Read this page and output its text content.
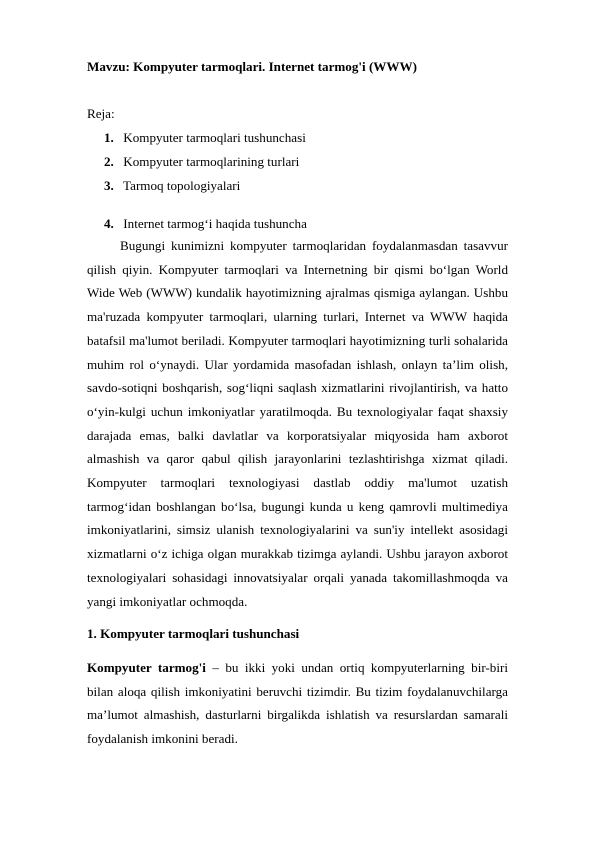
Mavzu: Kompyuter tarmoqlari. Internet tarmog'i (WWW)
Reja:
1. Kompyuter tarmoqlari tushunchasi
2. Kompyuter tarmoqlarining turlari
3. Tarmoq topologiyalari
4. Internet tarmog‘i haqida tushuncha
Bugungi kunimizni kompyuter tarmoqlaridan foydalanmasdan tasavvur qilish qiyin. Kompyuter tarmoqlari va Internetning bir qismi bo‘lgan World Wide Web (WWW) kundalik hayotimizning ajralmas qismiga aylangan. Ushbu ma'ruzada kompyuter tarmoqlari, ularning turlari, Internet va WWW haqida batafsil ma'lumot beriladi. Kompyuter tarmoqlari hayotimizning turli sohalarida muhim rol o‘ynaydi. Ular yordamida masofadan ishlash, onlayn ta’lim olish, savdo-sotiqni boshqarish, sog‘liqni saqlash xizmatlarini rivojlantirish, va hatto o‘yin-kulgi uchun imkoniyatlar yaratilmoqda. Bu texnologiyalar faqat shaxsiy darajada emas, balki davlatlar va korporatsiyalar miqyosida ham axborot almashish va qaror qabul qilish jarayonlarini tezlashtirishga xizmat qiladi. Kompyuter tarmoqlari texnologiyasi dastlab oddiy ma'lumot uzatish tarmog‘idan boshlangan bo‘lsa, bugungi kunda u keng qamrovli multimediya imkoniyatlarini, simsiz ulanish texnologiyalarini va sun'iy intellekt asosidagi xizmatlarni o‘z ichiga olgan murakkab tizimga aylandi. Ushbu jarayon axborot texnologiyalari sohasidagi innovatsiyalar orqali yanada takomillashmoqda va yangi imkoniyatlar ochmoqda.
1. Kompyuter tarmoqlari tushunchasi
Kompyuter tarmog'i – bu ikki yoki undan ortiq kompyuterlarning bir-biri bilan aloqa qilish imkoniyatini beruvchi tizimdir. Bu tizim foydalanuvchilarga ma’lumot almashish, dasturlarni birgalikda ishlatish va resurslardan samarali foydalanish imkonini beradi.
